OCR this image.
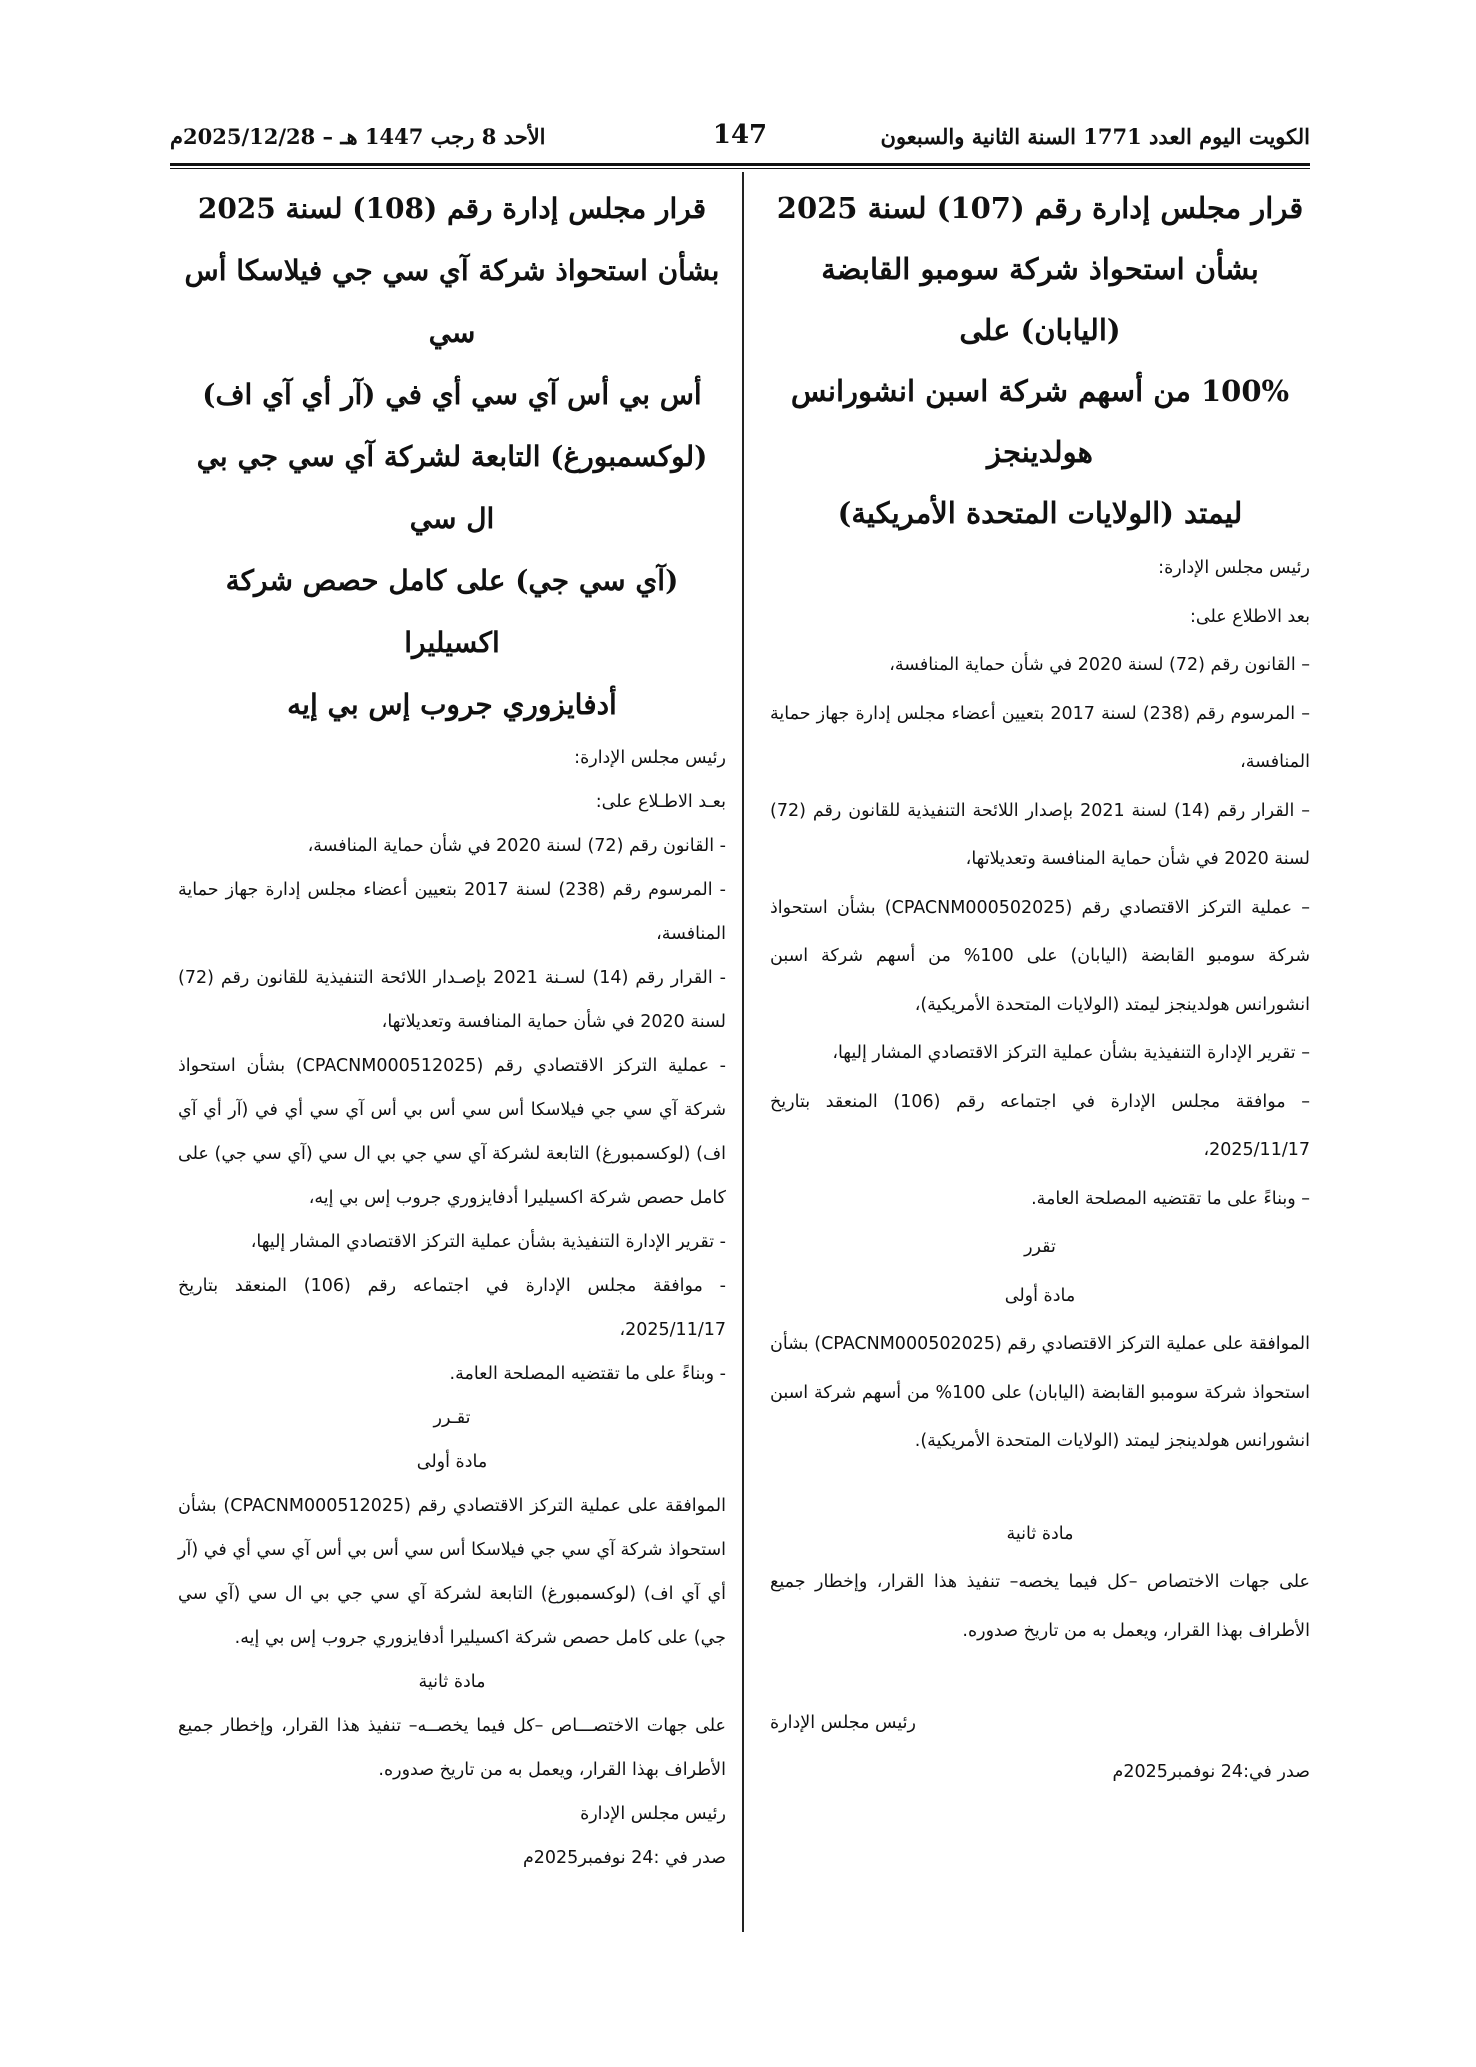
الكويت اليوم العدد 1771 السنة الثانية والسبعون
147
الأحد 8 رجب 1447 هـ – 2025/12/28م

قرار مجلس إدارة رقم (107) لسنة 2025

بشأن استحواذ شركة سومبو القابضة (اليابان) على

100% من أسهم شركة اسبن انشورانس هولدينجز

ليمتد (الولايات المتحدة الأمريكية)

رئيس مجلس الإدارة:

بعد الاطلاع على:

– القانون رقم (72) لسنة 2020 في شأن حماية المنافسة،

– المرسوم رقم (238) لسنة 2017 بتعيين أعضاء مجلس إدارة جهاز حماية المنافسة،

– القرار رقم (14) لسنة 2021 بإصدار اللائحة التنفيذية للقانون رقم (72) لسنة 2020 في شأن حماية المنافسة وتعديلاتها،

– عملية التركز الاقتصادي رقم (CPACNM000502025) بشأن استحواذ شركة سومبو القابضة (اليابان) على 100% من أسهم شركة اسبن انشورانس هولدينجز ليمتد (الولايات المتحدة الأمريكية)،

– تقرير الإدارة التنفيذية بشأن عملية التركز الاقتصادي المشار إليها،

– موافقة مجلس الإدارة في اجتماعه رقم (106) المنعقد بتاريخ 2025/11/17،

– وبناءً على ما تقتضيه المصلحة العامة.

تقرر

مادة أولى

الموافقة على عملية التركز الاقتصادي رقم (CPACNM000502025) بشأن استحواذ شركة سومبو القابضة (اليابان) على 100% من أسهم شركة اسبن انشورانس هولدينجز ليمتد (الولايات المتحدة الأمريكية).

مادة ثانية

على جهات الاختصاص –كل فيما يخصه– تنفيذ هذا القرار، وإخطار جميع الأطراف بهذا القرار، ويعمل به من تاريخ صدوره.

رئيس مجلس الإدارة

صدر في:24 نوفمبر2025م

قرار مجلس إدارة رقم (108) لسنة 2025

بشأن استحواذ شركة آي سي جي فيلاسكا أس سي

أس بي أس آي سي أي في (آر أي آي اف)

(لوكسمبورغ) التابعة لشركة آي سي جي بي ال سي

(آي سي جي) على كامل حصص شركة اكسيليرا

أدفايزوري جروب إس بي إيه

رئيس مجلس الإدارة:

بعـد الاطـلاع على:

- القانون رقم (72) لسنة 2020 في شأن حماية المنافسة،

- المرسوم رقم (238) لسنة 2017 بتعيين أعضاء مجلس إدارة جهاز حماية المنافسة،

- القرار رقم (14) لسـنة 2021 بإصـدار اللائحة التنفيذية للقانون رقم (72) لسنة 2020 في شأن حماية المنافسة وتعديلاتها،

- عملية التركز الاقتصادي رقم (CPACNM000512025) بشأن استحواذ شركة آي سي جي فيلاسكا أس سي أس بي أس آي سي أي في (آر أي آي اف) (لوكسمبورغ) التابعة لشركة آي سي جي بي ال سي (آي سي جي) على كامل حصص شركة اكسيليرا أدفايزوري جروب إس بي إيه،

- تقرير الإدارة التنفيذية بشأن عملية التركز الاقتصادي المشار إليها،

- موافقة مجلس الإدارة في اجتماعه رقم (106) المنعقد بتاريخ 2025/11/17،

- وبناءً على ما تقتضيه المصلحة العامة.

تقـرر

مادة أولى

الموافقة على عملية التركز الاقتصادي رقم (CPACNM000512025) بشأن استحواذ شركة آي سي جي فيلاسكا أس سي أس بي أس آي سي أي في (آر أي آي اف) (لوكسمبورغ) التابعة لشركة آي سي جي بي ال سي (آي سي جي) على كامل حصص شركة اكسيليرا أدفايزوري جروب إس بي إيه.

مادة ثانية

على جهات الاختصـــاص –كل فيما يخصــه– تنفيذ هذا القرار، وإخطار جميع الأطراف بهذا القرار، ويعمل به من تاريخ صدوره.

رئيس مجلس الإدارة

صدر في :24 نوفمبر2025م
